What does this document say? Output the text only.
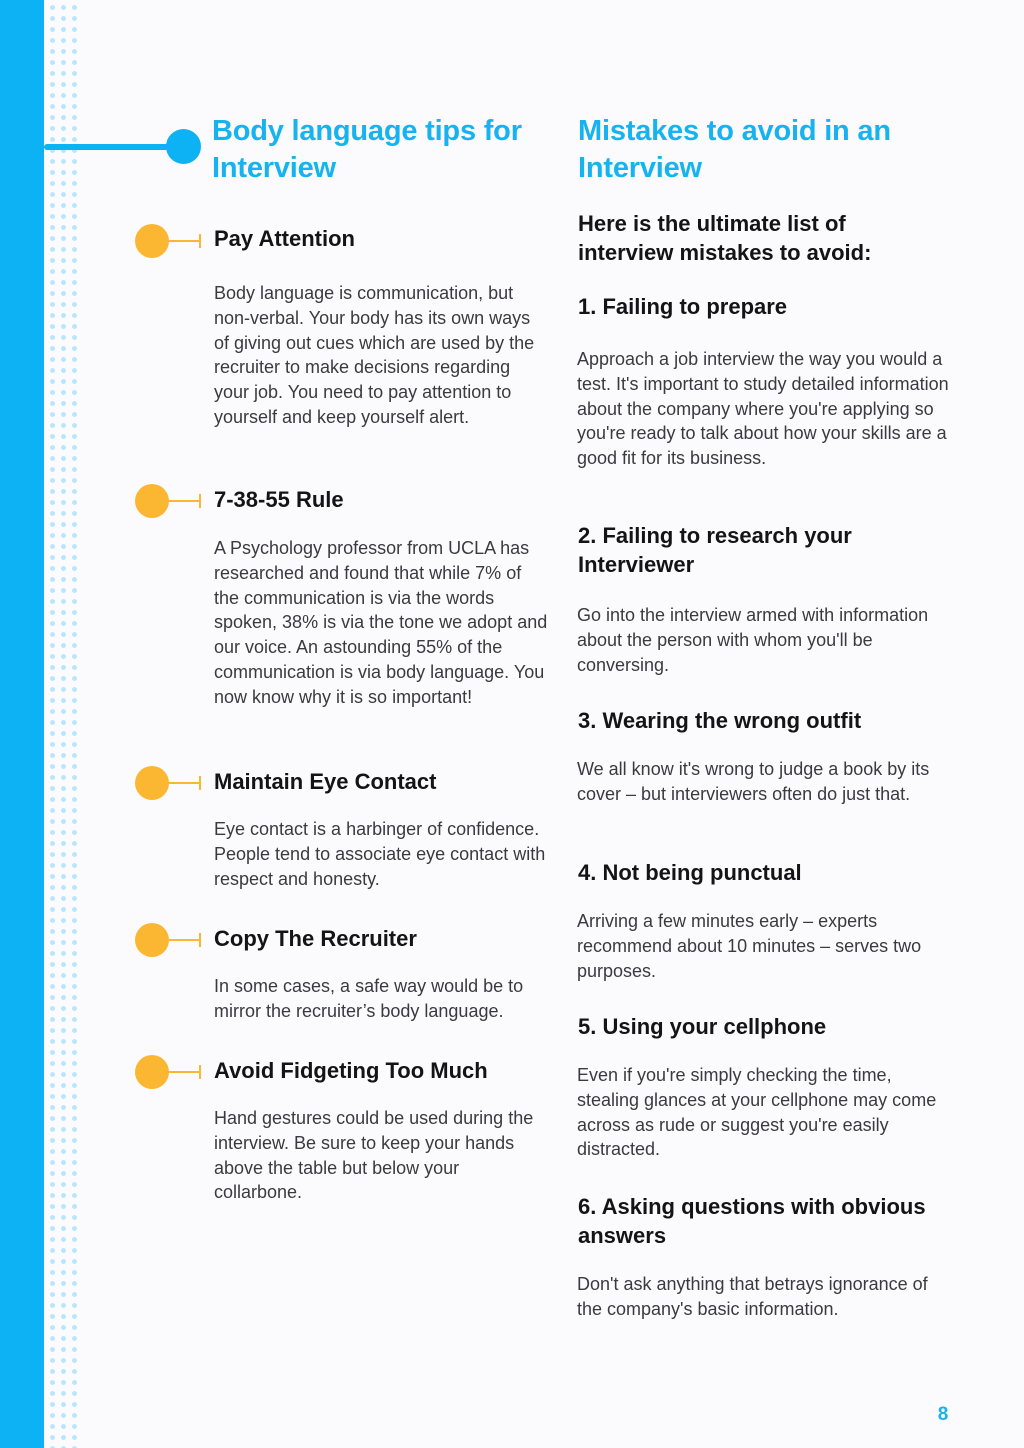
Body language tips for Interview
Pay Attention

Body language is communication, but non-verbal. Your body has its own ways of giving out cues which are used by the recruiter to make decisions regarding your job. You need to pay attention to yourself and keep yourself alert.

7-38-55 Rule

A Psychology professor from UCLA has researched and found that while 7% of the communication is via the words spoken, 38% is via the tone we adopt and our voice. An astounding 55% of the communication is via body language. You now know why it is so important!

Maintain Eye Contact

Eye contact is a harbinger of confidence. People tend to associate eye contact with respect and honesty.

Copy The Recruiter

In some cases, a safe way would be to mirror the recruiter’s body language.

Avoid Fidgeting Too Much

Hand gestures could be used during the interview. Be sure to keep your hands above the table but below your collarbone.

Mistakes to avoid in an Interview
Here is the ultimate list of interview mistakes to avoid:
1. Failing to prepare

Approach a job interview the way you would a test. It's important to study detailed information about the company where you're applying so you're ready to talk about how your skills are a good fit for its business.

2. Failing to research your Interviewer

Go into the interview armed with information about the person with whom you'll be conversing.

3. Wearing the wrong outfit

We all know it's wrong to judge a book by its cover – but interviewers often do just that.

4. Not being punctual

Arriving a few minutes early – experts recommend about 10 minutes – serves two purposes.

5. Using your cellphone

Even if you're simply checking the time, stealing glances at your cellphone may come across as rude or suggest you're easily distracted.

6. Asking questions with obvious answers

Don't ask anything that betrays ignorance of the company's basic information.

8
